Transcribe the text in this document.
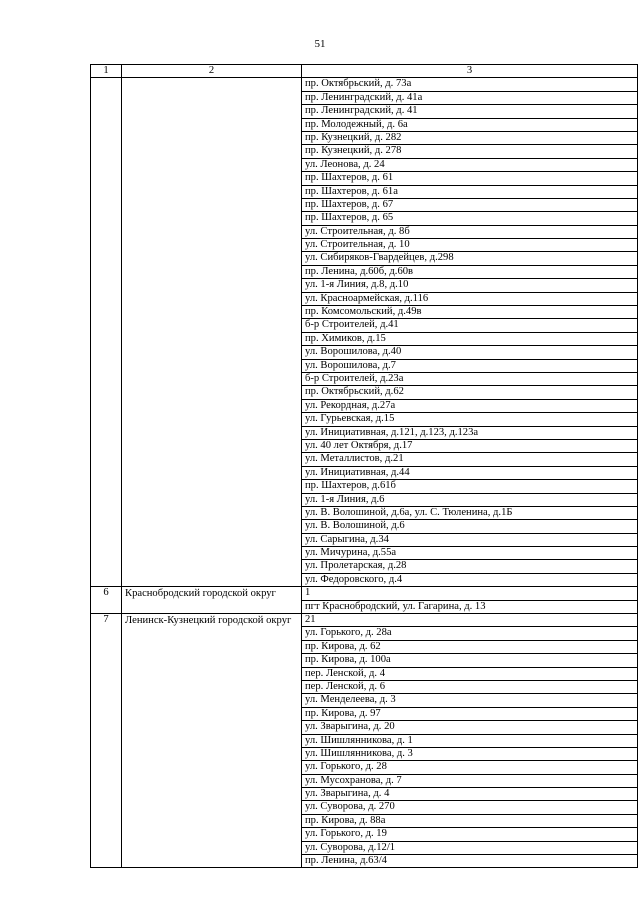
51
1	2	3
		пр. Октябрьский, д. 73а
		пр. Ленинградский, д. 41а
		пр. Ленинградский, д. 41
		пр. Молодежный, д. 6а
		пр. Кузнецкий, д. 282
		пр. Кузнецкий, д. 278
		ул. Леонова, д. 24
		пр. Шахтеров, д. 61
		пр. Шахтеров, д. 61а
		пр. Шахтеров, д. 67
		пр. Шахтеров, д. 65
		ул. Строительная, д. 8б
		ул. Строительная, д. 10
		ул. Сибиряков-Гвардейцев, д.298
		пр. Ленина, д.60б, д.60в
		ул. 1-я Линия, д.8, д.10
		ул. Красноармейская, д.116
		пр. Комсомольский, д.49в
		б-р Строителей, д.41
		пр. Химиков, д.15
		ул. Ворошилова, д.40
		ул. Ворошилова, д.7
		б-р Строителей, д.23а
		пр. Октябрьский, д.62
		ул. Рекордная, д.27а
		ул. Гурьевская, д.15
		ул. Инициативная, д.121, д.123, д.123а
		ул. 40 лет Октября, д.17
		ул. Металлистов, д.21
		ул. Инициативная, д.44
		пр. Шахтеров, д.61б
		ул. 1-я Линия, д.6
		ул. В. Волошиной, д.6а, ул. С. Тюленина, д.1Б
		ул. В. Волошиной, д.6
		ул. Сарыгина, д.34
		ул. Мичурина, д.55а
		ул. Пролетарская, д.28
		ул. Федоровского, д.4
6	Краснобродский городской округ	1
		пгт Краснобродский, ул. Гагарина, д. 13
7	Ленинск-Кузнецкий городской округ	21
		ул. Горького, д. 28а
		пр. Кирова, д. 62
		пр. Кирова, д. 100а
		пер. Ленской, д. 4
		пер. Ленской, д. 6
		ул. Менделеева, д. 3
		пр. Кирова, д. 97
		ул. Зварыгина, д. 20
		ул. Шишлянникова, д. 1
		ул. Шишлянникова, д. 3
		ул. Горького, д. 28
		ул. Мусохранова, д. 7
		ул. Зварыгина, д. 4
		ул. Суворова, д. 270
		пр. Кирова, д. 88а
		ул. Горького, д. 19
		ул. Суворова, д.12/1
		пр. Ленина, д.63/4
